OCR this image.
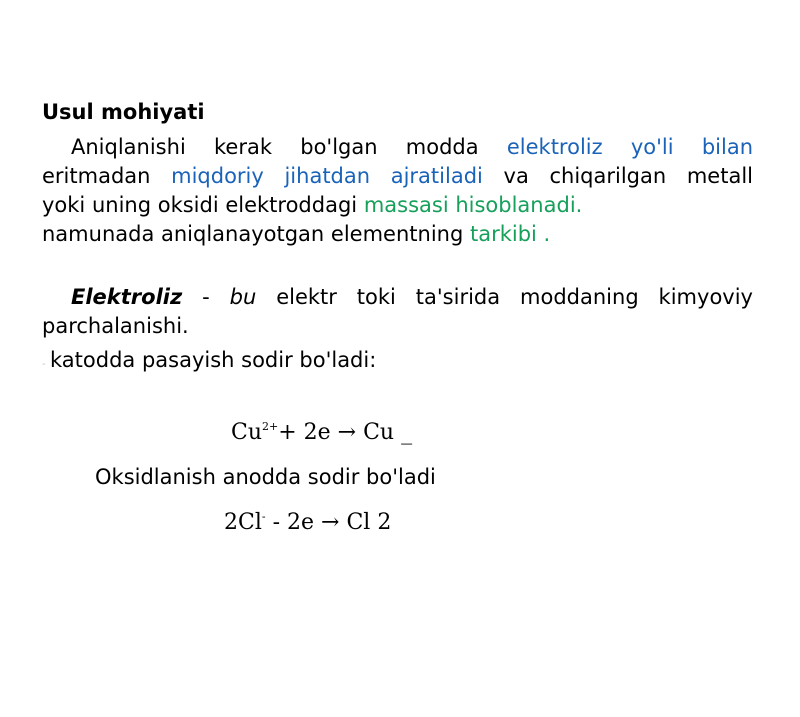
Usul mohiyati
Aniqlanishi kerak bo'lgan modda elektroliz yo'li bilan
eritmadan miqdoriy jihatdan ajratiladi va chiqarilgan metall
yoki uning oksidi elektroddagi massasi hisoblanadi.
namunada aniqlanayotgan elementning tarkibi .
Elektroliz - bu elektr toki ta'sirida moddaning kimyoviy
parchalanishi.
- katodda pasayish sodir bo'ladi:
$Cu^{2+}+ 2e \to Cu$ _
Oksidlanish anodda sodir bo'ladi
2Cl- - 2e → Cl 2
